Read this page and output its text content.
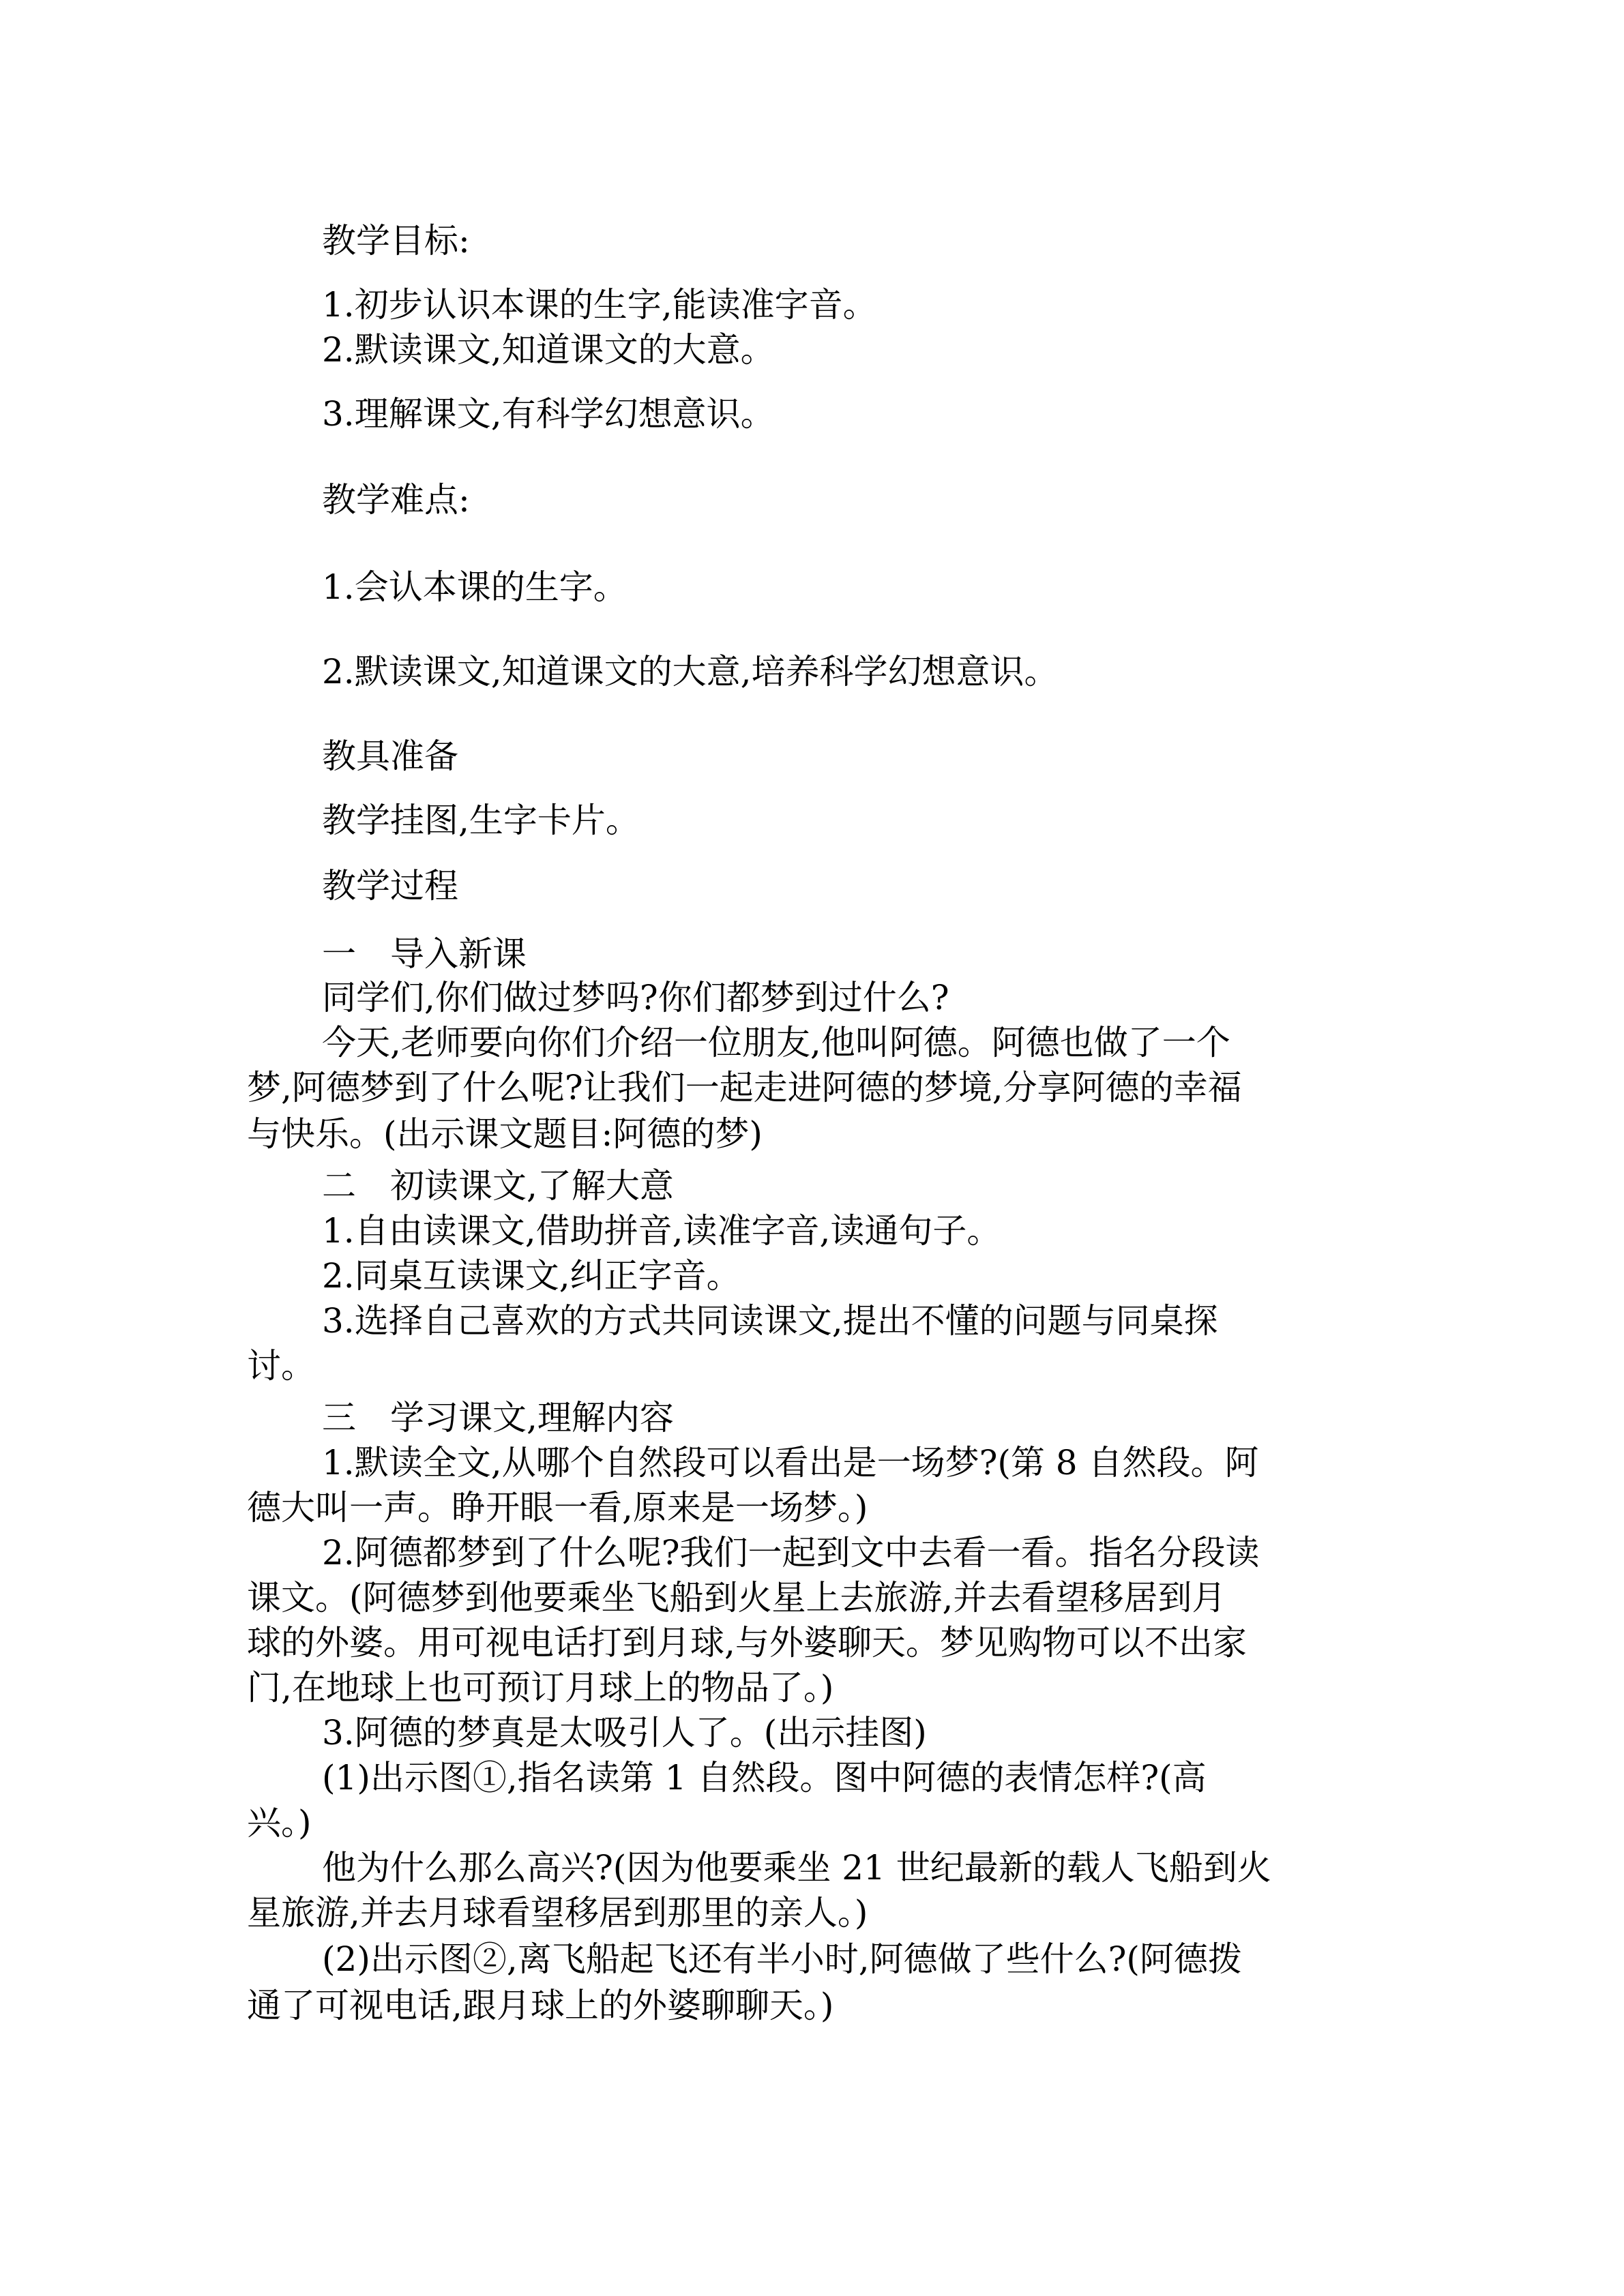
教学目标:
1.初步认识本课的生字,能读准字音。
2.默读课文,知道课文的大意。
3.理解课文,有科学幻想意识。
教学难点:
1.会认本课的生字。
2.默读课文,知道课文的大意,培养科学幻想意识。
教具准备
教学挂图,生字卡片。
教学过程
一　导入新课
同学们,你们做过梦吗?你们都梦到过什么?
今天,老师要向你们介绍一位朋友,他叫阿德。阿德也做了一个
梦,阿德梦到了什么呢?让我们一起走进阿德的梦境,分享阿德的幸福
与快乐。(出示课文题目:阿德的梦)
二　初读课文,了解大意
1.自由读课文,借助拼音,读准字音,读通句子。
2.同桌互读课文,纠正字音。
3.选择自己喜欢的方式共同读课文,提出不懂的问题与同桌探
讨。
三　学习课文,理解内容
1.默读全文,从哪个自然段可以看出是一场梦?(第 8 自然段。阿
德大叫一声。睁开眼一看,原来是一场梦。)
2.阿德都梦到了什么呢?我们一起到文中去看一看。指名分段读
课文。(阿德梦到他要乘坐飞船到火星上去旅游,并去看望移居到月
球的外婆。用可视电话打到月球,与外婆聊天。梦见购物可以不出家
门,在地球上也可预订月球上的物品了。)
3.阿德的梦真是太吸引人了。(出示挂图)
(1)出示图①,指名读第 1 自然段。图中阿德的表情怎样?(高
兴。)
他为什么那么高兴?(因为他要乘坐 21 世纪最新的载人飞船到火
星旅游,并去月球看望移居到那里的亲人。)
(2)出示图②,离飞船起飞还有半小时,阿德做了些什么?(阿德拨
通了可视电话,跟月球上的外婆聊聊天。)
